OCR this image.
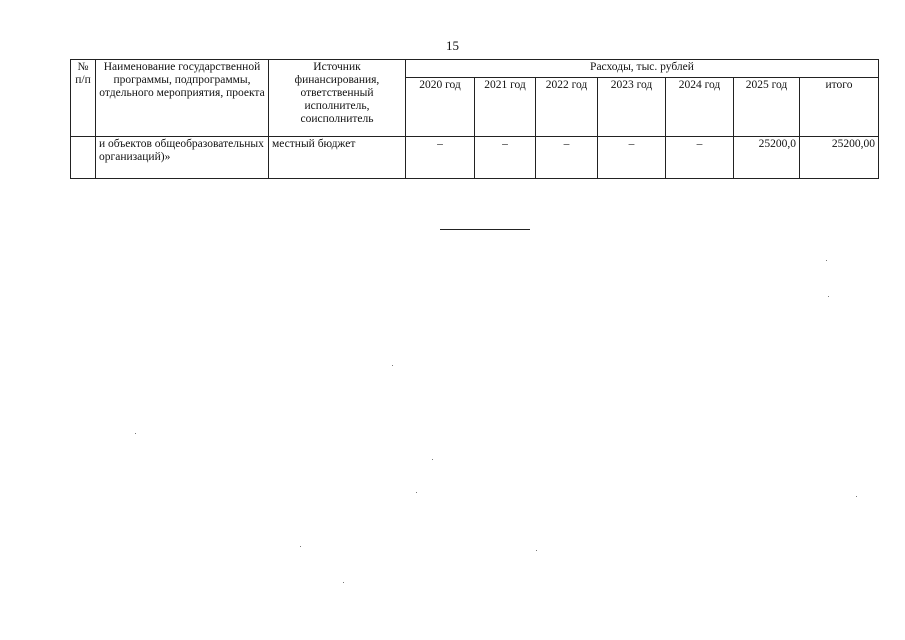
15
№ п/п	Наименование государственной программы, подпрограммы, отдельного мероприятия, проекта	Источник финансирования, ответственный исполнитель, соисполнитель	Расходы, тыс. рублей						
			2020 год	2021 год	2022 год	2023 год	2024 год	2025 год	итого
	и объектов общеобразовательных организаций)»	местный бюджет	–	–	–	–	–	25200,0	25200,00
